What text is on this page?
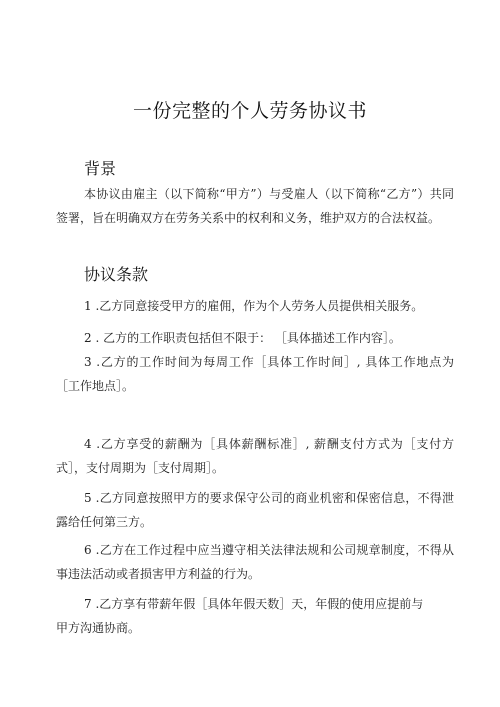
一份完整的个人劳务协议书
背景
本协议由雇主（以下简称“甲方”）与受雇人（以下简称“乙方”）共同签署，旨在明确双方在劳务关系中的权利和义务，维护双方的合法权益。
协议条款
1 .乙方同意接受甲方的雇佣，作为个人劳务人员提供相关服务。
2 . 乙方的工作职责包括但不限于： ［具体描述工作内容］。
3 .乙方的工作时间为每周工作［具体工作时间］, 具体工作地点为［工作地点］。
4 .乙方享受的薪酬为［具体薪酬标准］, 薪酬支付方式为［支付方式］，支付周期为［支付周期］。
5 .乙方同意按照甲方的要求保守公司的商业机密和保密信息，不得泄露给任何第三方。
6 .乙方在工作过程中应当遵守相关法律法规和公司规章制度，不得从事违法活动或者损害甲方利益的行为。
7 .乙方享有带薪年假［具体年假天数］天，年假的使用应提前与
甲方沟通协商。
